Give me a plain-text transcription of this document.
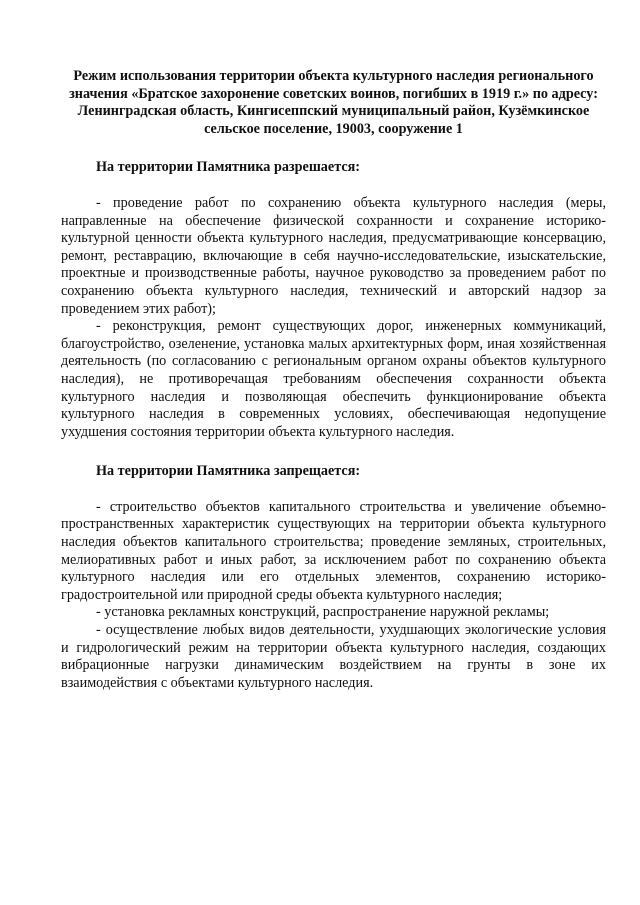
Режим использования территории объекта культурного наследия регионального значения «Братское захоронение советских воинов, погибших в 1919 г.» по адресу: Ленинградская область, Кингисеппский муниципальный район, Кузёмкинское сельское поселение, 19003, сооружение 1

На территории Памятника разрешается:

- проведение работ по сохранению объекта культурного наследия (меры, направленные на обеспечение физической сохранности и сохранение историко-культурной ценности объекта культурного наследия, предусматривающие консервацию, ремонт, реставрацию, включающие в себя научно-исследовательские, изыскательские, проектные и производственные работы, научное руководство за проведением работ по сохранению объекта культурного наследия, технический и авторский надзор за проведением этих работ);

- реконструкция, ремонт существующих дорог, инженерных коммуникаций, благоустройство, озеленение, установка малых архитектурных форм, иная хозяйственная деятельность (по согласованию с региональным органом охраны объектов культурного наследия), не противоречащая требованиям обеспечения сохранности объекта культурного наследия и позволяющая обеспечить функционирование объекта культурного наследия в современных условиях, обеспечивающая недопущение ухудшения состояния территории объекта культурного наследия.

На территории Памятника запрещается:

- строительство объектов капитального строительства и увеличение объемно-пространственных характеристик существующих на территории объекта культурного наследия объектов капитального строительства; проведение земляных, строительных, мелиоративных работ и иных работ, за исключением работ по сохранению объекта культурного наследия или его отдельных элементов, сохранению историко-градостроительной или природной среды объекта культурного наследия;

- установка рекламных конструкций, распространение наружной рекламы;

- осуществление любых видов деятельности, ухудшающих экологические условия и гидрологический режим на территории объекта культурного наследия, создающих вибрационные нагрузки динамическим воздействием на грунты в зоне их взаимодействия с объектами культурного наследия.
